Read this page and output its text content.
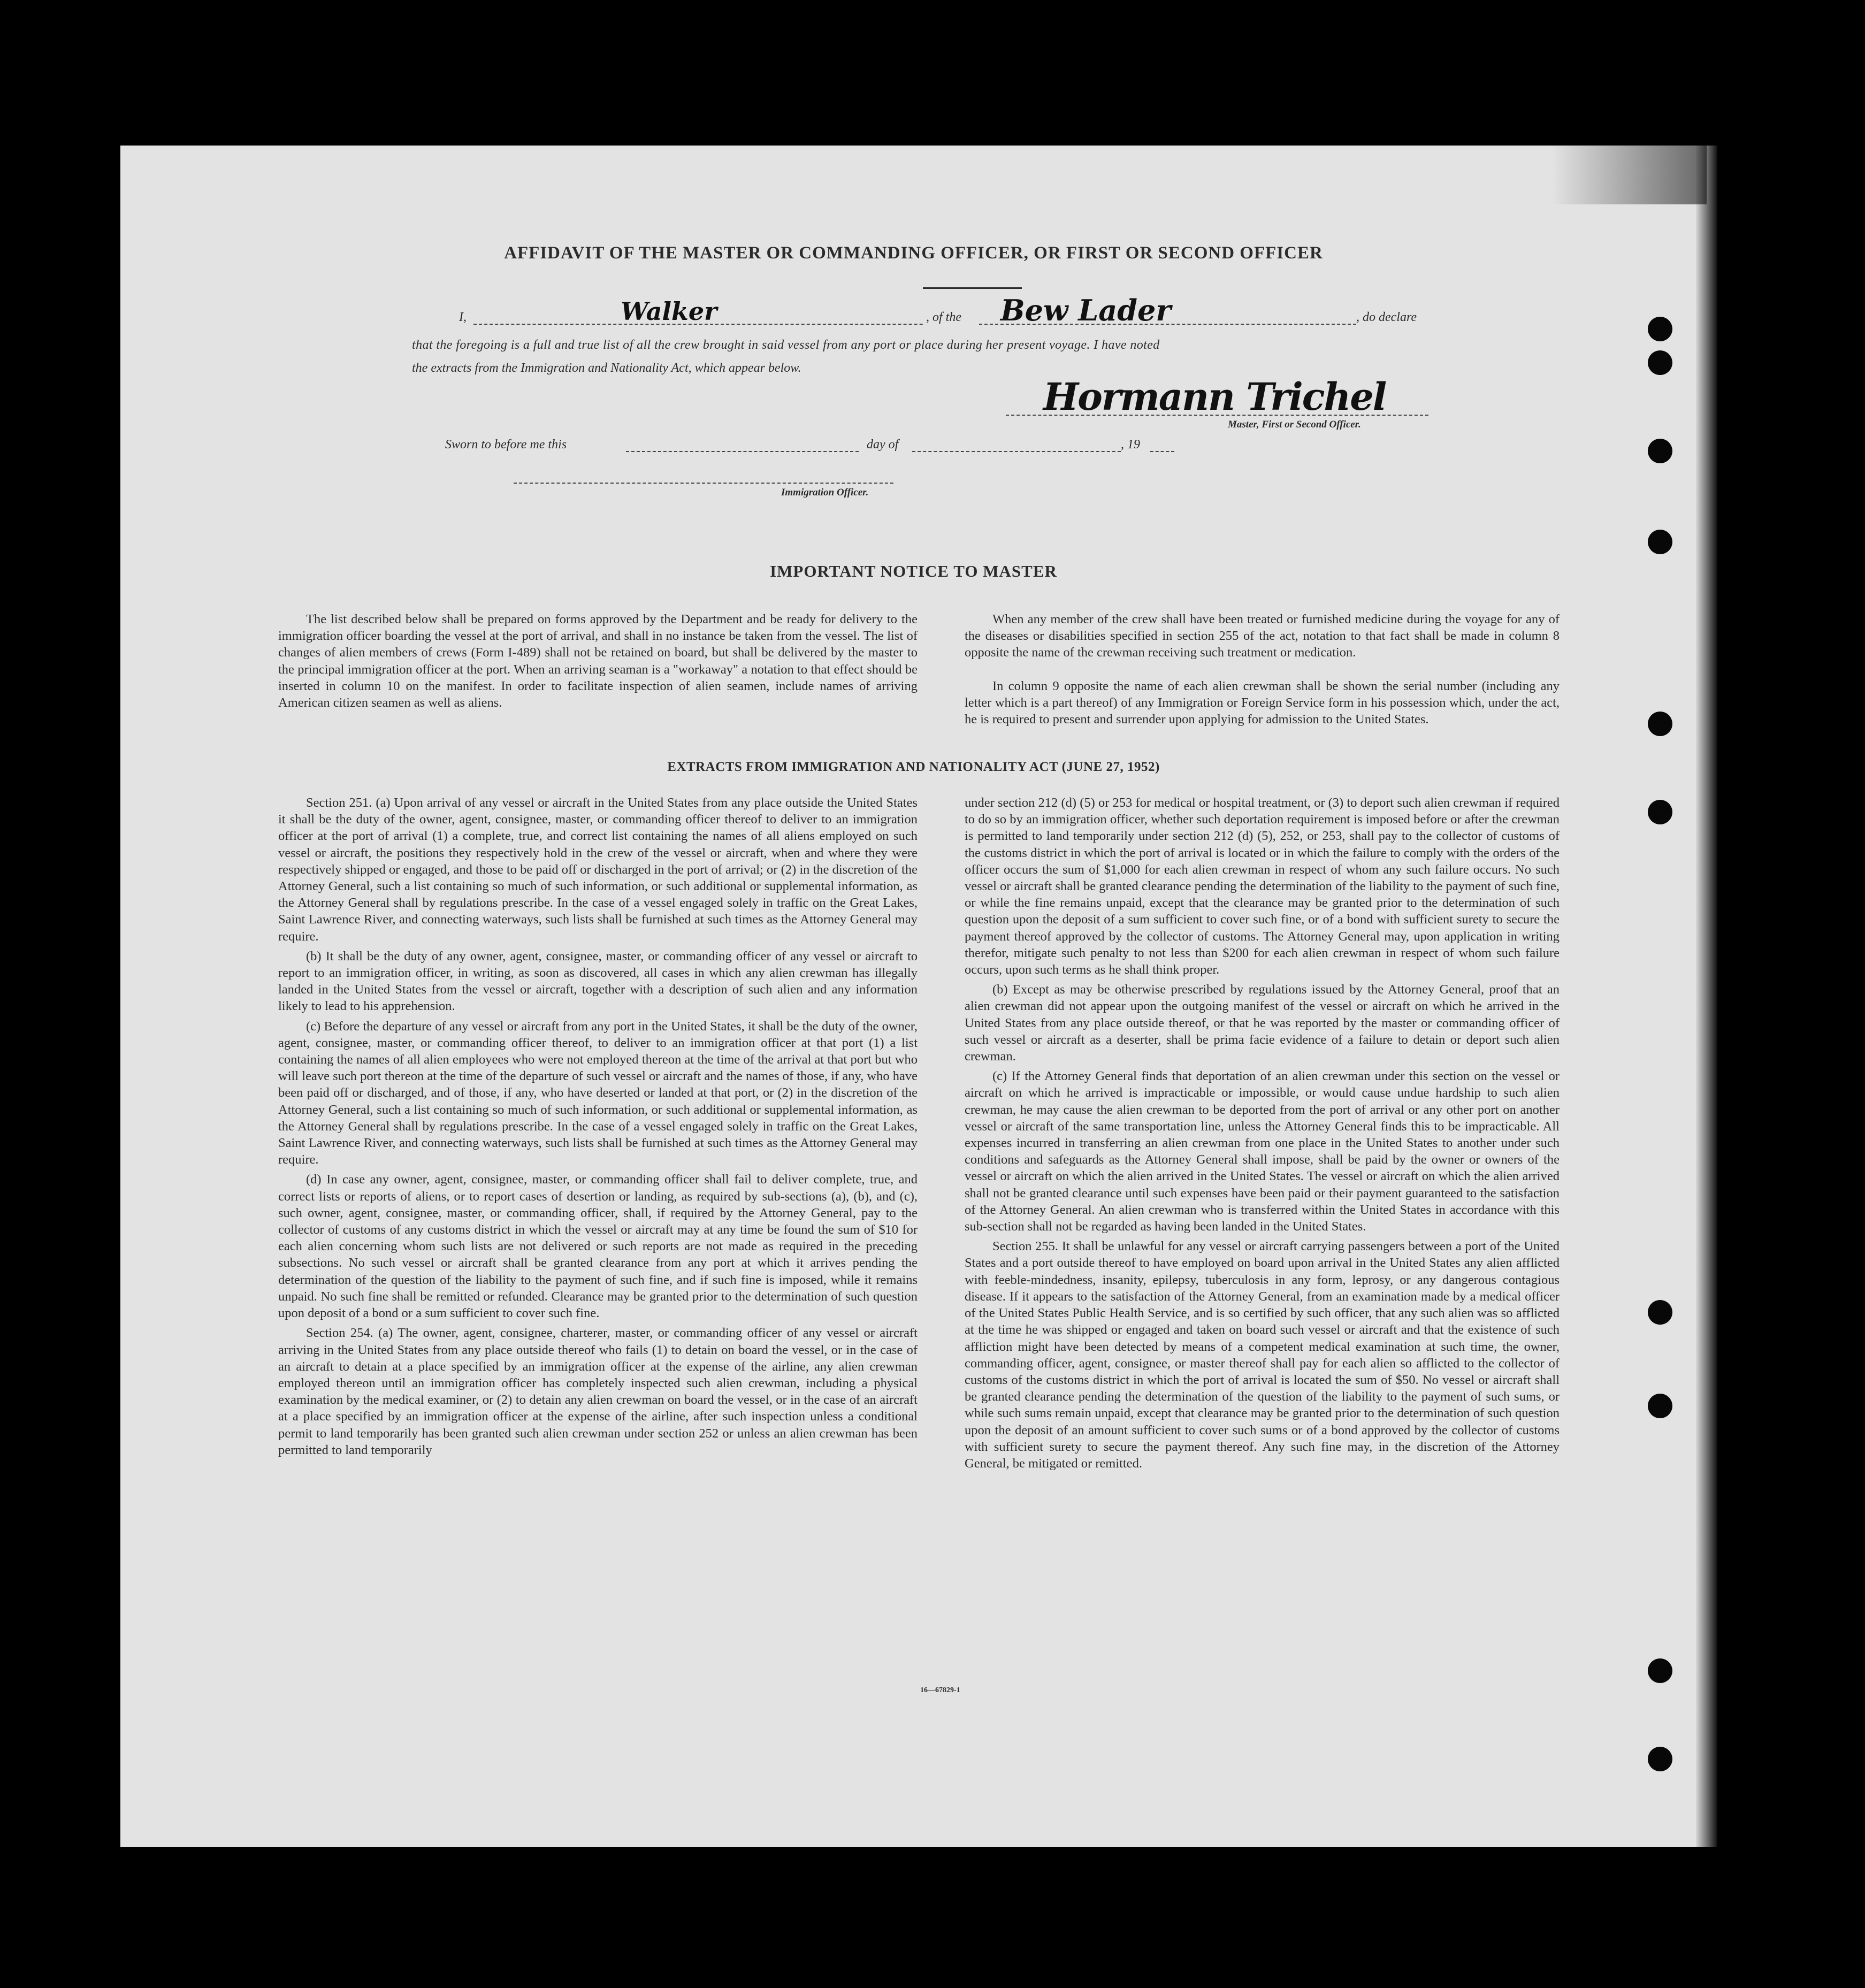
AFFIDAVIT OF THE MASTER OR COMMANDING OFFICER, OR FIRST OR SECOND OFFICER
I,	Walker	, of the Bew Lader	, do declare
that the foregoing is a full and true list of all the crew brought in said vessel from any port or place during her present voyage. I have noted
the extracts from the Immigration and Nationality Act, which appear below.
Hormann Trichel
Master, First or Second Officer.
Sworn to before me this	day of	, 19
Immigration Officer.
IMPORTANT NOTICE TO MASTER

The list described below shall be prepared on forms approved by the Department and be ready for delivery to the immigration officer boarding the vessel at the port of arrival, and shall in no instance be taken from the vessel. The list of changes of alien members of crews (Form I-489) shall not be retained on board, but shall be delivered by the master to the principal immigration officer at the port. When an arriving seaman is a "workaway" a notation to that effect should be inserted in column 10 on the manifest. In order to facilitate inspection of alien seamen, include names of arriving American citizen seamen as well as aliens.

When any member of the crew shall have been treated or furnished medicine during the voyage for any of the diseases or disabilities specified in section 255 of the act, notation to that fact shall be made in column 8 opposite the name of the crewman receiving such treatment or medication.

In column 9 opposite the name of each alien crewman shall be shown the serial number (including any letter which is a part thereof) of any Immigration or Foreign Service form in his possession which, under the act, he is required to present and surrender upon applying for admission to the United States.

EXTRACTS FROM IMMIGRATION AND NATIONALITY ACT (JUNE 27, 1952)

Section 251. (a) Upon arrival of any vessel or aircraft in the United States from any place outside the United States it shall be the duty of the owner, agent, consignee, master, or commanding officer thereof to deliver to an immigration officer at the port of arrival (1) a complete, true, and correct list containing the names of all aliens employed on such vessel or aircraft, the positions they respectively hold in the crew of the vessel or aircraft, when and where they were respectively shipped or engaged, and those to be paid off or discharged in the port of arrival; or (2) in the discretion of the Attorney General, such a list containing so much of such information, or such additional or supplemental information, as the Attorney General shall by regulations prescribe. In the case of a vessel engaged solely in traffic on the Great Lakes, Saint Lawrence River, and connecting waterways, such lists shall be furnished at such times as the Attorney General may require.

(b) It shall be the duty of any owner, agent, consignee, master, or commanding officer of any vessel or aircraft to report to an immigration officer, in writing, as soon as discovered, all cases in which any alien crewman has illegally landed in the United States from the vessel or aircraft, together with a description of such alien and any information likely to lead to his apprehension.

(c) Before the departure of any vessel or aircraft from any port in the United States, it shall be the duty of the owner, agent, consignee, master, or commanding officer thereof, to deliver to an immigration officer at that port (1) a list containing the names of all alien employees who were not employed thereon at the time of the arrival at that port but who will leave such port thereon at the time of the departure of such vessel or aircraft and the names of those, if any, who have been paid off or discharged, and of those, if any, who have deserted or landed at that port, or (2) in the discretion of the Attorney General, such a list containing so much of such information, or such additional or supplemental information, as the Attorney General shall by regulations prescribe. In the case of a vessel engaged solely in traffic on the Great Lakes, Saint Lawrence River, and connecting waterways, such lists shall be furnished at such times as the Attorney General may require.

(d) In case any owner, agent, consignee, master, or commanding officer shall fail to deliver complete, true, and correct lists or reports of aliens, or to report cases of desertion or landing, as required by sub-sections (a), (b), and (c), such owner, agent, consignee, master, or commanding officer, shall, if required by the Attorney General, pay to the collector of customs of any customs district in which the vessel or aircraft may at any time be found the sum of $10 for each alien concerning whom such lists are not delivered or such reports are not made as required in the preceding subsections. No such vessel or aircraft shall be granted clearance from any port at which it arrives pending the determination of the question of the liability to the payment of such fine, and if such fine is imposed, while it remains unpaid. No such fine shall be remitted or refunded. Clearance may be granted prior to the determination of such question upon deposit of a bond or a sum sufficient to cover such fine.

Section 254. (a) The owner, agent, consignee, charterer, master, or commanding officer of any vessel or aircraft arriving in the United States from any place outside thereof who fails (1) to detain on board the vessel, or in the case of an aircraft to detain at a place specified by an immigration officer at the expense of the airline, any alien crewman employed thereon until an immigration officer has completely inspected such alien crewman, including a physical examination by the medical examiner, or (2) to detain any alien crewman on board the vessel, or in the case of an aircraft at a place specified by an immigration officer at the expense of the airline, after such inspection unless a conditional permit to land temporarily has been granted such alien crewman under section 252 or unless an alien crewman has been permitted to land temporarily

under section 212 (d) (5) or 253 for medical or hospital treatment, or (3) to deport such alien crewman if required to do so by an immigration officer, whether such deportation requirement is imposed before or after the crewman is permitted to land temporarily under section 212 (d) (5), 252, or 253, shall pay to the collector of customs of the customs district in which the port of arrival is located or in which the failure to comply with the orders of the officer occurs the sum of $1,000 for each alien crewman in respect of whom any such failure occurs. No such vessel or aircraft shall be granted clearance pending the determination of the liability to the payment of such fine, or while the fine remains unpaid, except that the clearance may be granted prior to the determination of such question upon the deposit of a sum sufficient to cover such fine, or of a bond with sufficient surety to secure the payment thereof approved by the collector of customs. The Attorney General may, upon application in writing therefor, mitigate such penalty to not less than $200 for each alien crewman in respect of whom such failure occurs, upon such terms as he shall think proper.

(b) Except as may be otherwise prescribed by regulations issued by the Attorney General, proof that an alien crewman did not appear upon the outgoing manifest of the vessel or aircraft on which he arrived in the United States from any place outside thereof, or that he was reported by the master or commanding officer of such vessel or aircraft as a deserter, shall be prima facie evidence of a failure to detain or deport such alien crewman.

(c) If the Attorney General finds that deportation of an alien crewman under this section on the vessel or aircraft on which he arrived is impracticable or impossible, or would cause undue hardship to such alien crewman, he may cause the alien crewman to be deported from the port of arrival or any other port on another vessel or aircraft of the same transportation line, unless the Attorney General finds this to be impracticable. All expenses incurred in transferring an alien crewman from one place in the United States to another under such conditions and safeguards as the Attorney General shall impose, shall be paid by the owner or owners of the vessel or aircraft on which the alien arrived in the United States. The vessel or aircraft on which the alien arrived shall not be granted clearance until such expenses have been paid or their payment guaranteed to the satisfaction of the Attorney General. An alien crewman who is transferred within the United States in accordance with this sub-section shall not be regarded as having been landed in the United States.

Section 255. It shall be unlawful for any vessel or aircraft carrying passengers between a port of the United States and a port outside thereof to have employed on board upon arrival in the United States any alien afflicted with feeble-mindedness, insanity, epilepsy, tuberculosis in any form, leprosy, or any dangerous contagious disease. If it appears to the satisfaction of the Attorney General, from an examination made by a medical officer of the United States Public Health Service, and is so certified by such officer, that any such alien was so afflicted at the time he was shipped or engaged and taken on board such vessel or aircraft and that the existence of such affliction might have been detected by means of a competent medical examination at such time, the owner, commanding officer, agent, consignee, or master thereof shall pay for each alien so afflicted to the collector of customs of the customs district in which the port of arrival is located the sum of $50. No vessel or aircraft shall be granted clearance pending the determination of the question of the liability to the payment of such sums, or while such sums remain unpaid, except that clearance may be granted prior to the determination of such question upon the deposit of an amount sufficient to cover such sums or of a bond approved by the collector of customs with sufficient surety to secure the payment thereof. Any such fine may, in the discretion of the Attorney General, be mitigated or remitted.

16—67829-1
